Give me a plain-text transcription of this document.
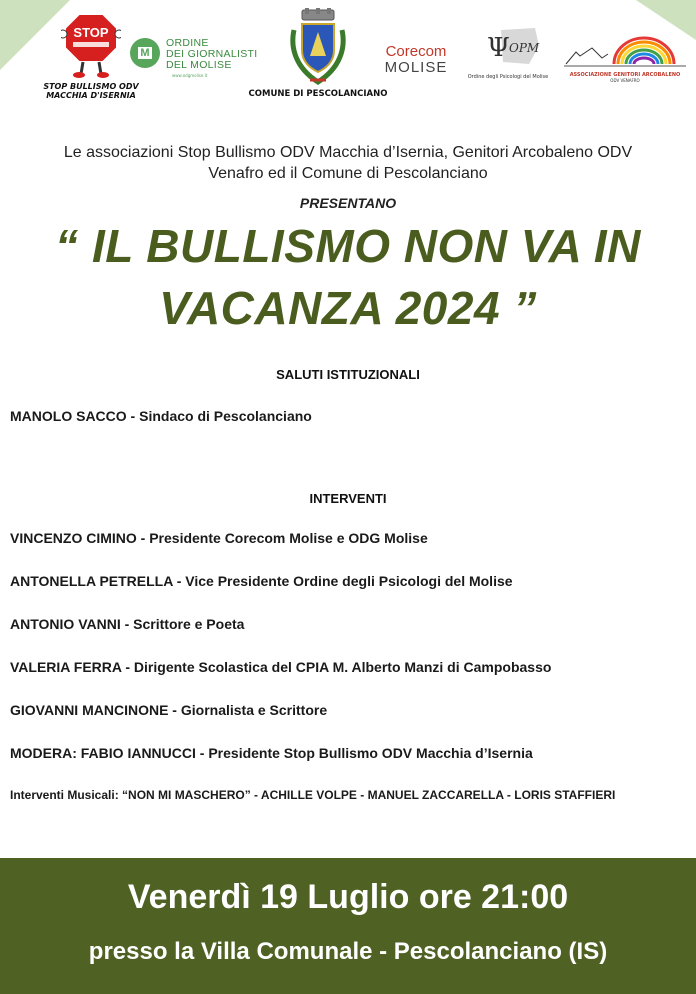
STOP
STOP BULLISMO ODV
MACCHIA D'ISERNIA
M
ORDINE
DEI GIORNALISTI
DEL MOLISE
www.odgmolise.it
COMUNE DI PESCOLANCIANO
Corecom
MOLISE
Ψ OPM
Ordine degli Psicologi del Molise	ASSOCIAZIONE GENITORI ARCOBALENO
ODV VENAFRO
Le associazioni Stop Bullismo ODV Macchia d’Isernia, Genitori Arcobaleno ODV
Venafro ed il Comune di Pescolanciano
PRESENTANO
“ IL BULLISMO NON VA IN
VACANZA 2024 ”
SALUTI ISTITUZIONALI
MANOLO SACCO - Sindaco di Pescolanciano
INTERVENTI
VINCENZO CIMINO - Presidente Corecom Molise e ODG Molise
ANTONELLA PETRELLA - Vice Presidente Ordine degli Psicologi del Molise
ANTONIO VANNI - Scrittore e Poeta
VALERIA FERRA - Dirigente Scolastica del CPIA M. Alberto Manzi di Campobasso
GIOVANNI MANCINONE - Giornalista e Scrittore
MODERA: FABIO IANNUCCI - Presidente Stop Bullismo ODV Macchia d’Isernia
Interventi Musicali: “NON MI MASCHERO” - ACHILLE VOLPE - MANUEL ZACCARELLA - LORIS STAFFIERI
Venerdì 19 Luglio ore 21:00
presso la Villa Comunale - Pescolanciano (IS)
